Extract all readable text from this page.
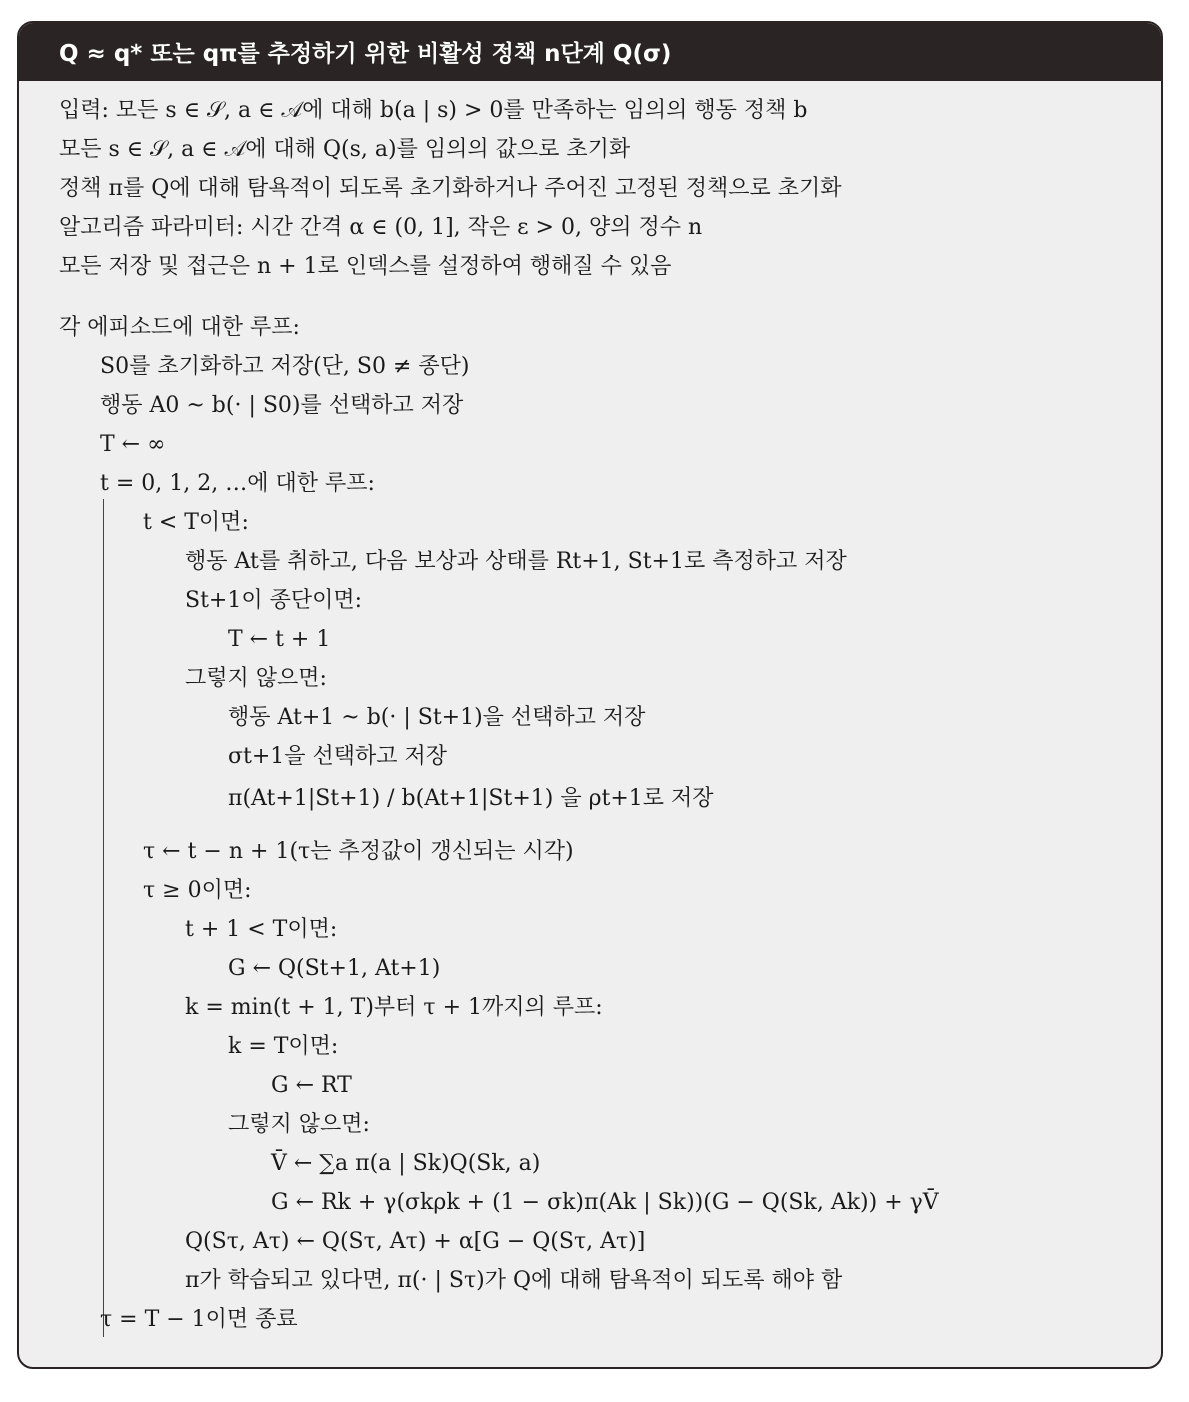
Q ≈ q* 또는 qπ를 추정하기 위한 비활성 정책 n단계 Q(σ)
입력: 모든 s ∈ 𝒮, a ∈ 𝒜에 대해 b(a | s) > 0를 만족하는 임의의 행동 정책 b
모든 s ∈ 𝒮, a ∈ 𝒜에 대해 Q(s, a)를 임의의 값으로 초기화
정책 π를 Q에 대해 탐욕적이 되도록 초기화하거나 주어진 고정된 정책으로 초기화
알고리즘 파라미터: 시간 간격 α ∈ (0, 1], 작은 ε > 0, 양의 정수 n
모든 저장 및 접근은 n + 1로 인덱스를 설정하여 행해질 수 있음
각 에피소드에 대한 루프:
S0를 초기화하고 저장(단, S0 ≠ 종단)
행동 A0 ~ b(· | S0)를 선택하고 저장
T ← ∞
t = 0, 1, 2, …에 대한 루프:
t < T이면:
행동 At를 취하고, 다음 보상과 상태를 Rt+1, St+1로 측정하고 저장
St+1이 종단이면:
T ← t + 1
그렇지 않으면:
행동 At+1 ~ b(· | St+1)을 선택하고 저장
σt+1을 선택하고 저장
π(At+1|St+1) / b(At+1|St+1) 을 ρt+1로 저장
τ ← t − n + 1(τ는 추정값이 갱신되는 시각)
τ ≥ 0이면:
t + 1 < T이면:
G ← Q(St+1, At+1)
k = min(t + 1, T)부터 τ + 1까지의 루프:
k = T이면:
G ← RT
그렇지 않으면:
V̄ ← ∑a π(a | Sk)Q(Sk, a)
G ← Rk + γ(σkρk + (1 − σk)π(Ak | Sk))(G − Q(Sk, Ak)) + γV̄
Q(Sτ, Aτ) ← Q(Sτ, Aτ) + α[G − Q(Sτ, Aτ)]
π가 학습되고 있다면, π(· | Sτ)가 Q에 대해 탐욕적이 되도록 해야 함
τ = T − 1이면 종료
